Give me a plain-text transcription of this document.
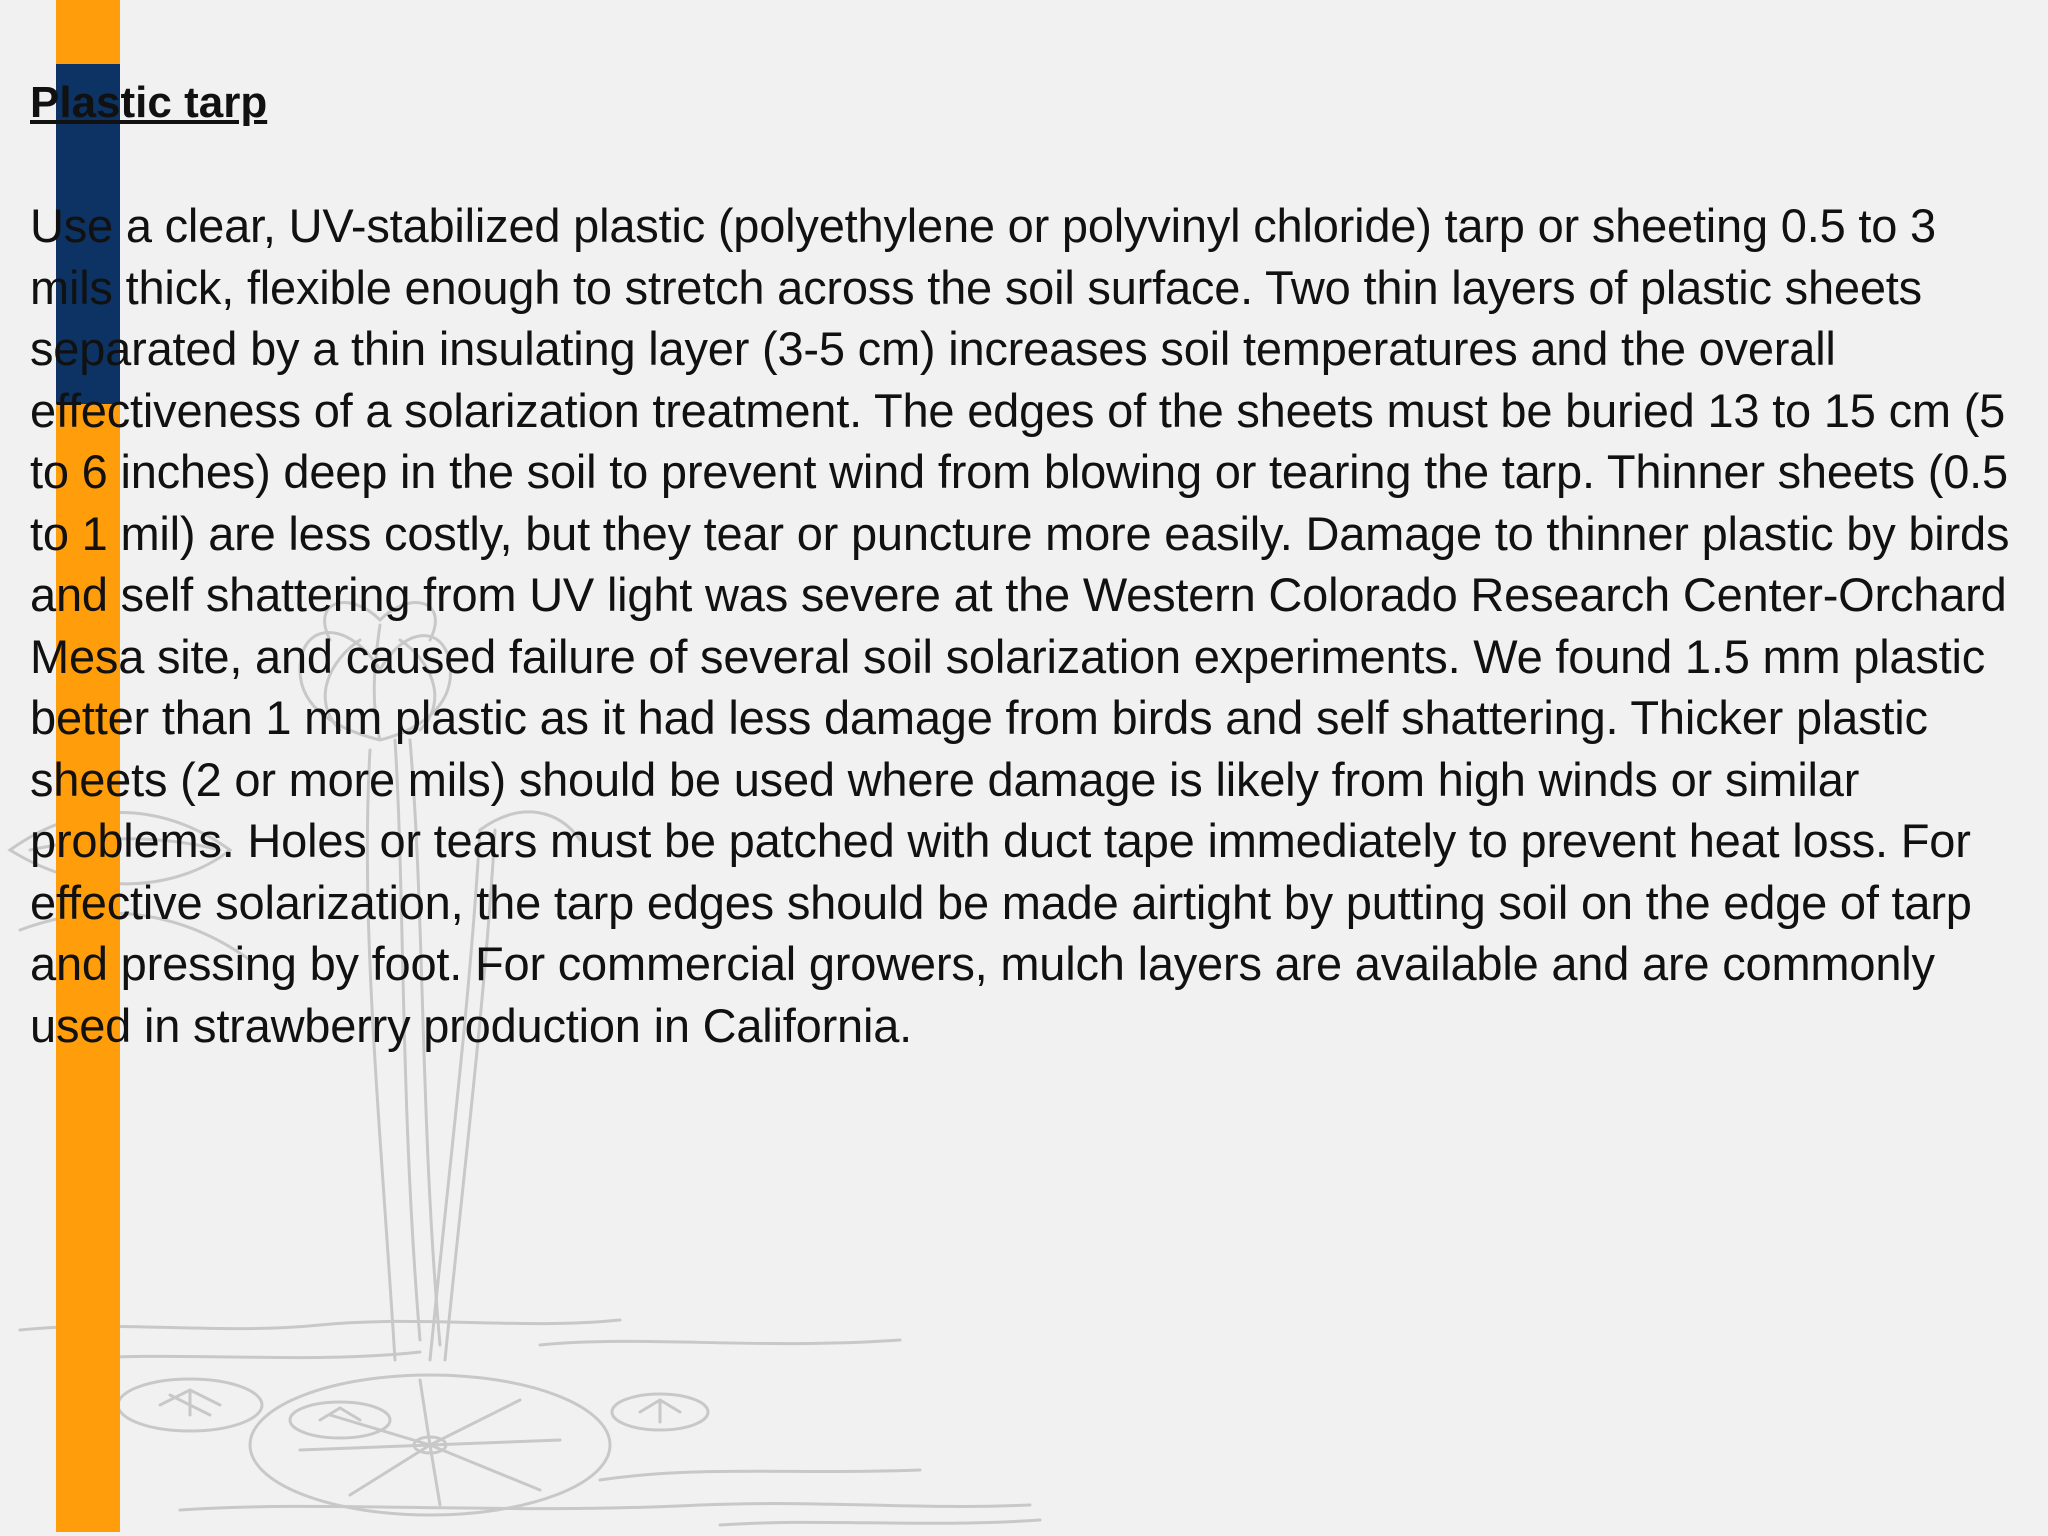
Plastic tarp

Use a clear, UV-stabilized plastic (polyethylene or polyvinyl chloride) tarp or sheeting 0.5 to 3 mils thick, flexible enough to stretch across the soil surface. Two thin layers of plastic sheets separated by a thin insulating layer (3-5 cm) increases soil temperatures and the overall effectiveness of a solarization treatment. The edges of the sheets must be buried 13 to 15 cm (5 to 6 inches) deep in the soil to prevent wind from blowing or tearing the tarp. Thinner sheets (0.5 to 1 mil) are less costly, but they tear or puncture more easily. Damage to thinner plastic by birds and self shattering from UV light was severe at the Western Colorado Research Center-Orchard Mesa site, and caused failure of several soil solarization experiments. We found 1.5 mm plastic better than 1 mm plastic as it had less damage from birds and self shattering. Thicker plastic sheets (2 or more mils) should be used where damage is likely from high winds or similar problems. Holes or tears must be patched with duct tape immediately to prevent heat loss. For effective solarization, the tarp edges should be made airtight by putting soil on the edge of tarp and pressing by foot. For commercial growers, mulch layers are available and are commonly used in strawberry production in California.
